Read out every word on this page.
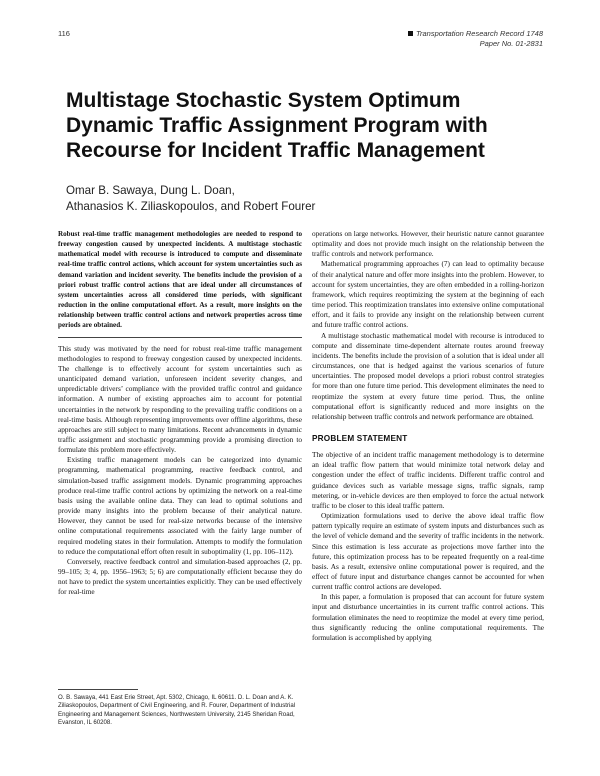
116	Transportation Research Record 1748
Paper No. 01-2831
Multistage Stochastic System Optimum
Dynamic Traffic Assignment Program with
Recourse for Incident Traffic Management
Omar B. Sawaya, Dung L. Doan,
Athanasios K. Ziliaskopoulos, and Robert Fourer

Robust real-time traffic management methodologies are needed to respond to freeway congestion caused by unexpected incidents. A multistage stochastic mathematical model with recourse is introduced to compute and disseminate real-time traffic control actions, which account for system uncertainties such as demand variation and incident severity. The benefits include the provision of a priori robust traffic control actions that are ideal under all circumstances of system uncertainties across all considered time periods, with significant reduction in the online computational effort. As a result, more insights on the relationship between traffic control actions and network properties across time periods are obtained.

This study was motivated by the need for robust real-time traffic management methodologies to respond to freeway congestion caused by unexpected incidents. The challenge is to effectively account for system uncertainties such as unanticipated demand variation, unforeseen incident severity changes, and unpredictable drivers’ compliance with the provided traffic control and guidance information. A number of existing approaches aim to account for potential uncertainties in the network by responding to the prevailing traffic conditions on a real-time basis. Although representing improvements over offline algorithms, these approaches are still subject to many limitations. Recent advancements in dynamic traffic assignment and stochastic programming provide a promising direction to formulate this problem more effectively.

Existing traffic management models can be categorized into dynamic programming, mathematical programming, reactive feedback control, and simulation-based traffic assignment models. Dynamic programming approaches produce real-time traffic control actions by optimizing the network on a real-time basis using the available online data. They can lead to optimal solutions and provide many insights into the problem because of their analytical nature. However, they cannot be used for real-size networks because of the intensive online computational requirements associated with the fairly large number of required modeling states in their formulation. Attempts to modify the formulation to reduce the computational effort often result in suboptimality (1, pp. 106–112).

Conversely, reactive feedback control and simulation-based approaches (2, pp. 99–105; 3; 4, pp. 1956–1963; 5; 6) are computationally efficient because they do not have to predict the system uncertainties explicitly. They can be used effectively for real-time

operations on large networks. However, their heuristic nature cannot guarantee optimality and does not provide much insight on the relationship between the traffic controls and network performance.

Mathematical programming approaches (7) can lead to optimality because of their analytical nature and offer more insights into the problem. However, to account for system uncertainties, they are often embedded in a rolling-horizon framework, which requires reoptimizing the system at the beginning of each time period. This reoptimization translates into extensive online computational effort, and it fails to provide any insight on the relationship between current and future traffic control actions.

A multistage stochastic mathematical model with recourse is introduced to compute and disseminate time-dependent alternate routes around freeway incidents. The benefits include the provision of a solution that is ideal under all circumstances, one that is hedged against the various scenarios of future uncertainties. The proposed model develops a priori robust control strategies for more than one future time period. This development eliminates the need to reoptimize the system at every future time period. Thus, the online computational effort is significantly reduced and more insights on the relationship between traffic controls and network performance are obtained.

PROBLEM STATEMENT

The objective of an incident traffic management methodology is to determine an ideal traffic flow pattern that would minimize total network delay and congestion under the effect of traffic incidents. Different traffic control and guidance devices such as variable message signs, traffic signals, ramp metering, or in-vehicle devices are then employed to force the actual network traffic to be closer to this ideal traffic pattern.

Optimization formulations used to derive the above ideal traffic flow pattern typically require an estimate of system inputs and disturbances such as the level of vehicle demand and the severity of traffic incidents in the network. Since this estimation is less accurate as projections move farther into the future, this optimization process has to be repeated frequently on a real-time basis. As a result, extensive online computational power is required, and the effect of future input and disturbance changes cannot be accounted for when current traffic control actions are developed.

In this paper, a formulation is proposed that can account for future system input and disturbance uncertainties in its current traffic control actions. This formulation eliminates the need to reoptimize the model at every time period, thus significantly reducing the online computational requirements. The formulation is accomplished by applying

O. B. Sawaya, 441 East Erie Street, Apt. 5302, Chicago, IL 60611. D. L. Doan and A. K. Ziliaskopoulos, Department of Civil Engineering, and R. Fourer, Department of Industrial Engineering and Management Sciences, Northwestern University, 2145 Sheridan Road, Evanston, IL 60208.
